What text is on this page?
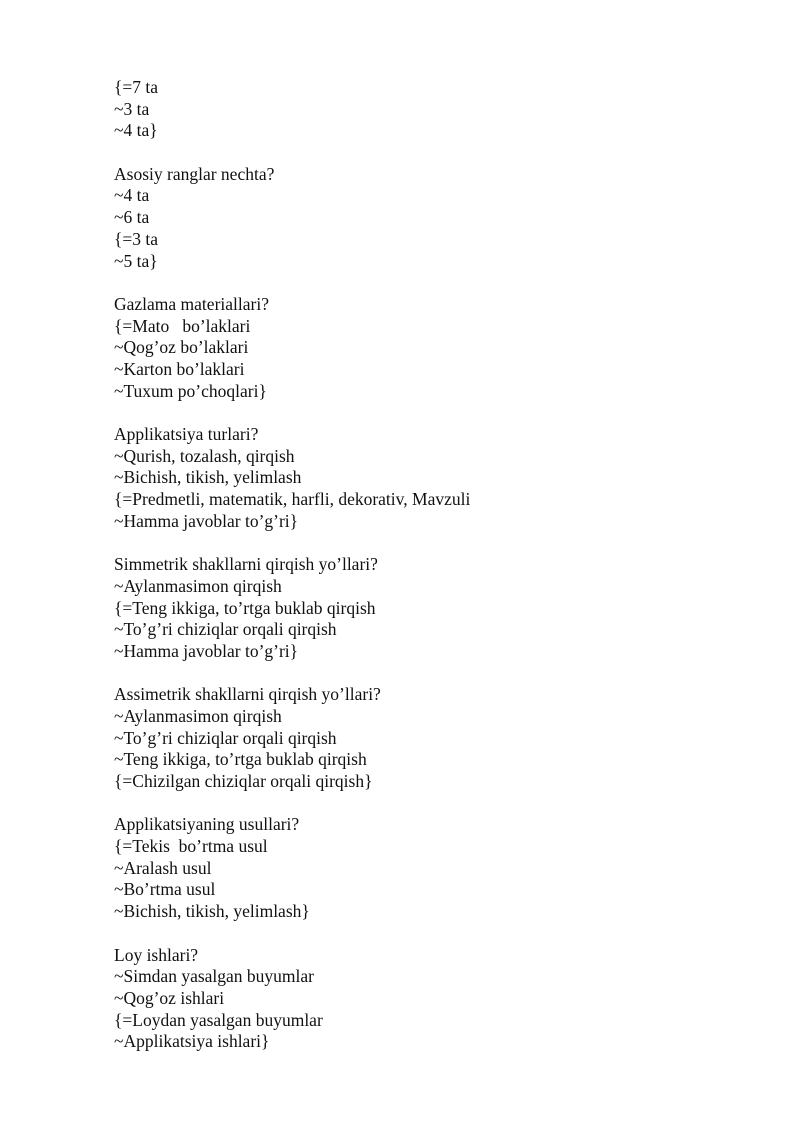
{=7 ta
~3 ta
~4 ta}
Asosiy ranglar nechta?
~4 ta
~6 ta
{=3 ta
~5 ta}
Gazlama materiallari?
{=Mato   bo’laklari
~Qog’oz bo’laklari
~Karton bo’laklari
~Tuxum po’choqlari}
Applikatsiya turlari?
~Qurish, tozalash, qirqish
~Bichish, tikish, yelimlash
{=Predmetli, matematik, harfli, dekorativ, Mavzuli
~Hamma javoblar to’g’ri}
Simmetrik shakllarni qirqish yo’llari?
~Aylanmasimon qirqish
{=Teng ikkiga, to’rtga buklab qirqish
~To’g’ri chiziqlar orqali qirqish
~Hamma javoblar to’g’ri}
Assimetrik shakllarni qirqish yo’llari?
~Aylanmasimon qirqish
~To’g’ri chiziqlar orqali qirqish
~Teng ikkiga, to’rtga buklab qirqish
{=Chizilgan chiziqlar orqali qirqish}
Applikatsiyaning usullari?
{=Tekis  bo’rtma usul
~Aralash usul
~Bo’rtma usul
~Bichish, tikish, yelimlash}
Loy ishlari?
~Simdan yasalgan buyumlar
~Qog’oz ishlari
{=Loydan yasalgan buyumlar
~Applikatsiya ishlari}
